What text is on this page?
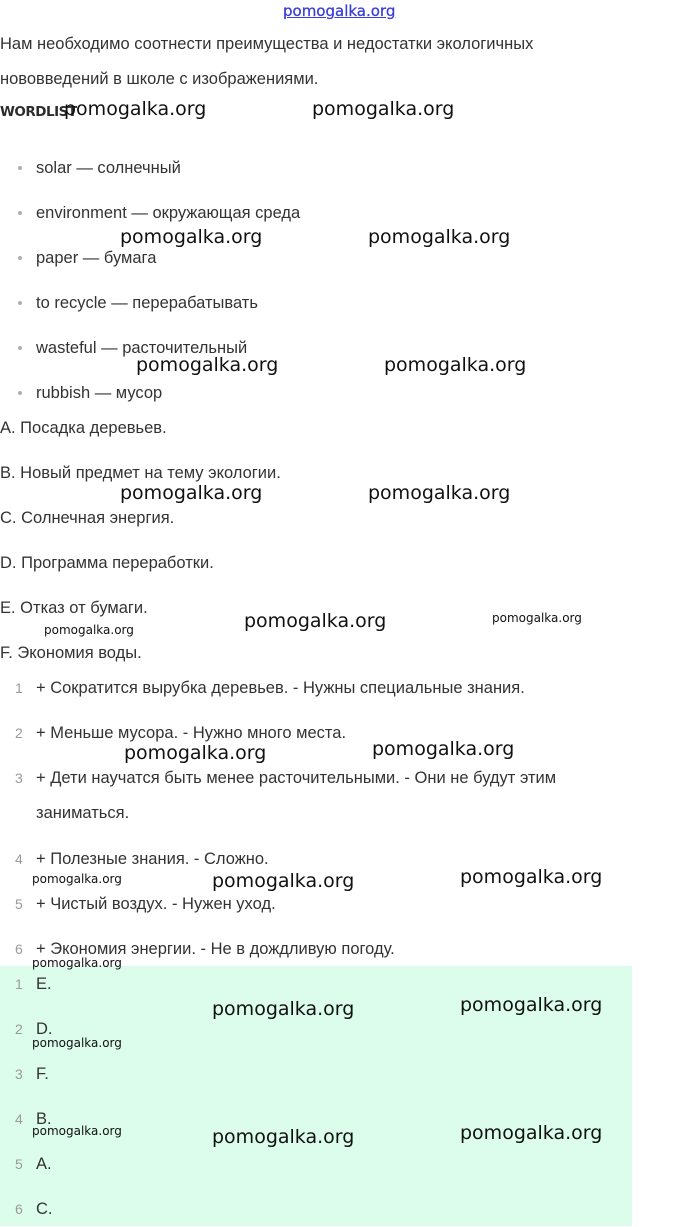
pomogalka.org
Нам необходимо соотнести преимущества и недостатки экологичных нововведений в школе с изображениями.
WORDLIST
solar — солнечный
environment — окружающая среда
paper — бумага
to recycle — перерабатывать
wasteful — расточительный
rubbish — мусор
A. Посадка деревьев.
B. Новый предмет на тему экологии.
C. Солнечная энергия.
D. Программа переработки.
E. Отказ от бумаги.
F. Экономия воды.
1 + Сократится вырубка деревьев. - Нужны специальные знания.
2 + Меньше мусора. - Нужно много места.
3 + Дети научатся быть менее расточительными. - Они не будут этим заниматься.
4 + Полезные знания. - Сложно.
5 + Чистый воздух. - Нужен уход.
6 + Экономия энергии. - Не в дождливую погоду.
1 E.
2 D.
3 F.
4 B.
5 A.
6 C.
pomogalka.org	pomogalka.org
pomogalka.org	pomogalka.org
pomogalka.org	pomogalka.org
pomogalka.org	pomogalka.org
pomogalka.org
pomogalka.org
pomogalka.org
pomogalka.org	pomogalka.org
pomogalka.org	pomogalka.org	pomogalka.org
pomogalka.org
pomogalka.org	pomogalka.org
pomogalka.org
pomogalka.org	pomogalka.org	pomogalka.org
